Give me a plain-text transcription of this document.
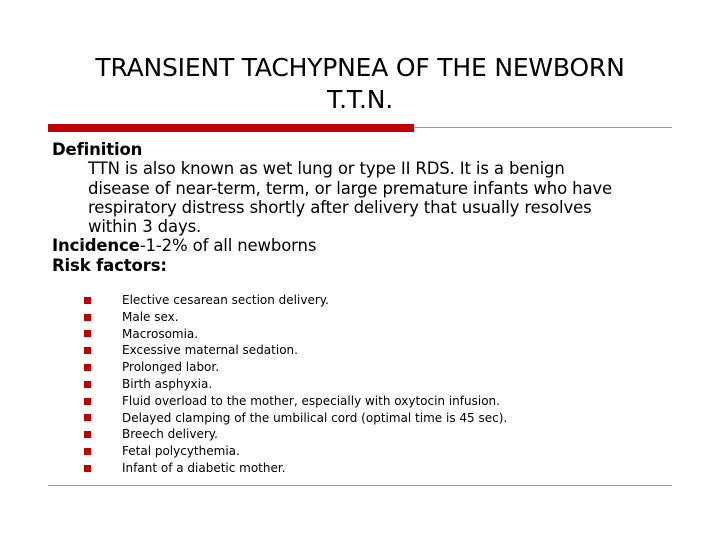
TRANSIENT TACHYPNEA OF THE NEWBORN
T.T.N.
Definition
TTN is also known as wet lung or type II RDS. It is a benign
disease of near-term, term, or large premature infants who have
respiratory distress shortly after delivery that usually resolves
within 3 days.
Incidence-1-2% of all newborns
Risk factors:
Elective cesarean section delivery.
Male sex.
Macrosomia.
Excessive maternal sedation.
Prolonged labor.
Birth asphyxia.
Fluid overload to the mother, especially with oxytocin infusion.
Delayed clamping of the umbilical cord (optimal time is 45 sec).
Breech delivery.
Fetal polycythemia.
Infant of a diabetic mother.
